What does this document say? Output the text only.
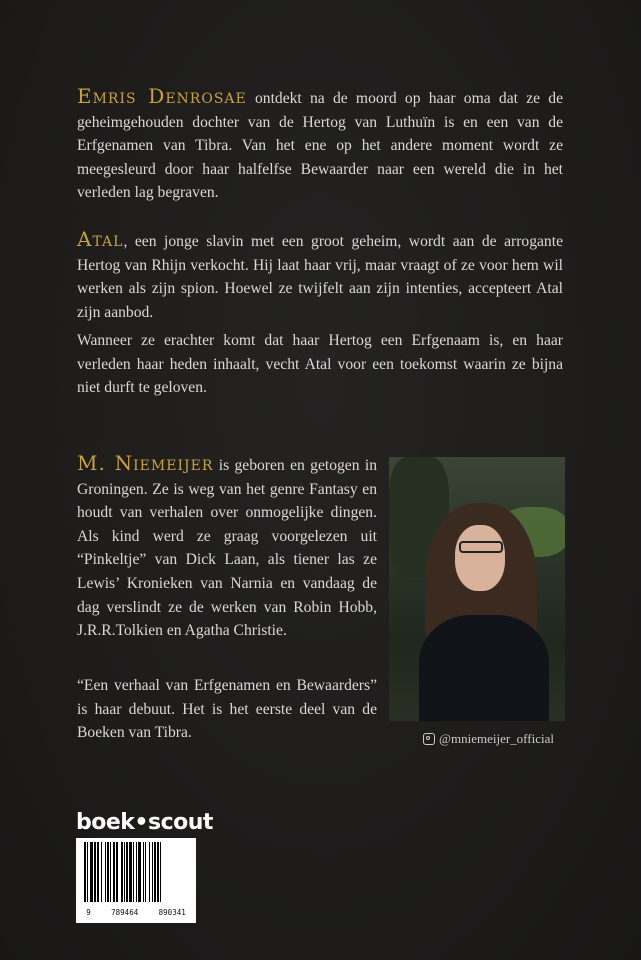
Emris Denrosae ontdekt na de moord op haar oma dat ze de geheimgehouden dochter van de Hertog van Luthuïn is en een van de Erfgenamen van Tibra. Van het ene op het andere moment wordt ze meegesleurd door haar halfelfse Bewaarder naar een wereld die in het verleden lag begraven.

Atal, een jonge slavin met een groot geheim, wordt aan de arrogante Hertog van Rhijn verkocht. Hij laat haar vrij, maar vraagt of ze voor hem wil werken als zijn spion. Hoewel ze twijfelt aan zijn intenties, accepteert Atal zijn aanbod.

Wanneer ze erachter komt dat haar Hertog een Erfgenaam is, en haar verleden haar heden inhaalt, vecht Atal voor een toekomst waarin ze bijna niet durft te geloven.

M. Niemeijer is geboren en getogen in Groningen. Ze is weg van het genre Fantasy en houdt van verhalen over onmogelijke dingen. Als kind werd ze graag voorgelezen uit “Pinkeltje” van Dick Laan, als tiener las ze Lewis’ Kronieken van Narnia en vandaag de dag verslindt ze de werken van Robin Hobb, J.R.R.Tolkien en Agatha Christie.

“Een verhaal van Erfgenamen en Bewaarders” is haar debuut. Het is het eerste deel van de Boeken van Tibra.	@mniemeijer_official
boek•scout
9	789464	890341
